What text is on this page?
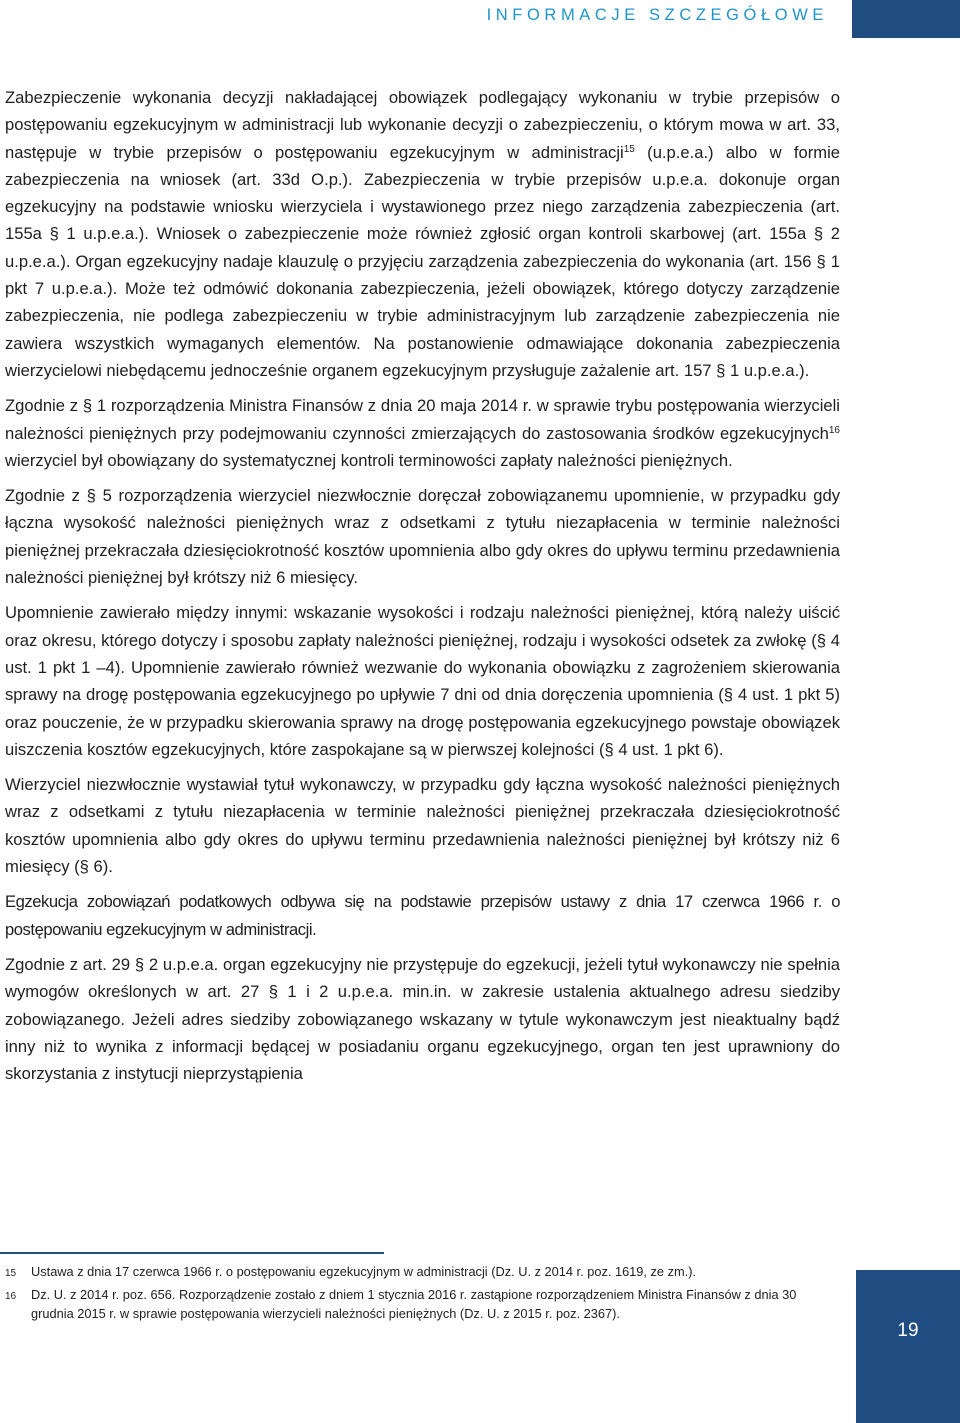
INFORMACJE SZCZEGÓŁOWE

Zabezpieczenie wykonania decyzji nakładającej obowiązek podlegający wykonaniu w trybie przepisów o postępowaniu egzekucyjnym w administracji lub wykonanie decyzji o zabezpieczeniu, o którym mowa w art. 33, następuje w trybie przepisów o postępowaniu egzekucyjnym w administracji$^{15}$ (u.p.e.a.) albo w formie zabezpieczenia na wniosek (art. 33d O.p.). Zabezpieczenia w trybie przepisów u.p.e.a. dokonuje organ egzekucyjny na podstawie wniosku wierzyciela i wystawionego przez niego zarządzenia zabezpieczenia (art. 155a § 1 u.p.e.a.). Wniosek o zabezpieczenie może również zgłosić organ kontroli skarbowej (art. 155a § 2 u.p.e.a.). Organ egzekucyjny nadaje klauzulę o przyjęciu zarządzenia zabezpieczenia do wykonania (art. 156 § 1 pkt 7 u.p.e.a.). Może też odmówić dokonania zabezpieczenia, jeżeli obowiązek, którego dotyczy zarządzenie zabezpieczenia, nie podlega zabezpieczeniu w trybie administracyjnym lub zarządzenie zabezpieczenia nie zawiera wszystkich wymaganych elementów. Na postanowienie odmawiające dokonania zabezpieczenia wierzycielowi niebędącemu jednocześnie organem egzekucyjnym przysługuje zażalenie art. 157 § 1 u.p.e.a.).

Zgodnie z § 1 rozporządzenia Ministra Finansów z dnia 20 maja 2014 r. w sprawie trybu postępowania wierzycieli należności pieniężnych przy podejmowaniu czynności zmierzających do zastosowania środków egzekucyjnych$^{16}$ wierzyciel był obowiązany do systematycznej kontroli terminowości zapłaty należności pieniężnych.

Zgodnie z § 5 rozporządzenia wierzyciel niezwłocznie doręczał zobowiązanemu upomnienie, w przypadku gdy łączna wysokość należności pieniężnych wraz z odsetkami z tytułu niezapłacenia w terminie należności pieniężnej przekraczała dziesięciokrotność kosztów upomnienia albo gdy okres do upływu terminu przedawnienia należności pieniężnej był krótszy niż 6 miesięcy.

Upomnienie zawierało między innymi: wskazanie wysokości i rodzaju należności pieniężnej, którą należy uiścić oraz okresu, którego dotyczy i sposobu zapłaty należności pieniężnej, rodzaju i wysokości odsetek za zwłokę (§ 4 ust. 1 pkt 1 –4). Upomnienie zawierało również wezwanie do wykonania obowiązku z zagrożeniem skierowania sprawy na drogę postępowania egzekucyjnego po upływie 7 dni od dnia doręczenia upomnienia (§ 4 ust. 1 pkt 5) oraz pouczenie, że w przypadku skierowania sprawy na drogę postępowania egzekucyjnego powstaje obowiązek uiszczenia kosztów egzekucyjnych, które zaspokajane są w pierwszej kolejności (§ 4 ust. 1 pkt 6).

Wierzyciel niezwłocznie wystawiał tytuł wykonawczy, w przypadku gdy łączna wysokość należności pieniężnych wraz z odsetkami z tytułu niezapłacenia w terminie należności pieniężnej przekraczała dziesięciokrotność kosztów upomnienia albo gdy okres do upływu terminu przedawnienia należności pieniężnej był krótszy niż 6 miesięcy (§ 6).

Egzekucja zobowiązań podatkowych odbywa się na podstawie przepisów ustawy z dnia 17 czerwca 1966 r. o postępowaniu egzekucyjnym w administracji.

Zgodnie z art. 29 § 2 u.p.e.a. organ egzekucyjny nie przystępuje do egzekucji, jeżeli tytuł wykonawczy nie spełnia wymogów określonych w art. 27 § 1 i 2 u.p.e.a. min.in. w zakresie ustalenia aktualnego adresu siedziby zobowiązanego. Jeżeli adres siedziby zobowiązanego wskazany w tytule wykonawczym jest nieaktualny bądź inny niż to wynika z informacji będącej w posiadaniu organu egzekucyjnego, organ ten jest uprawniony do skorzystania z instytucji nieprzystąpienia

15	Ustawa z dnia 17 czerwca 1966 r. o postępowaniu egzekucyjnym w administracji (Dz. U. z 2014 r. poz. 1619, ze zm.).
16	Dz. U. z 2014 r. poz. 656. Rozporządzenie zostało z dniem 1 stycznia 2016 r. zastąpione rozporządzeniem Ministra Finansów z dnia 30 grudnia 2015 r. w sprawie postępowania wierzycieli należności pieniężnych (Dz. U. z 2015 r. poz. 2367).
19
